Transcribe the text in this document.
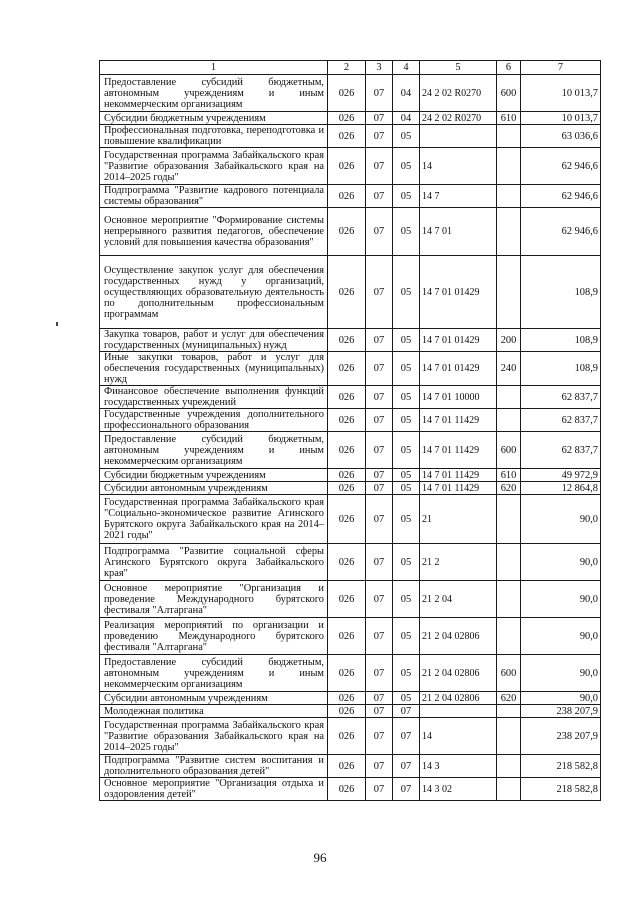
1	2	3	4	5	6	7
Предоставление субсидий бюджетным, автономным учреждениям и иным некоммерческим организациям	026	07	04	24 2 02 R0270	600	10 013,7
Субсидии бюджетным учреждениям	026	07	04	24 2 02 R0270	610	10 013,7
Профессиональная подготовка, переподготовка и повышение квалификации	026	07	05			63 036,6
Государственная программа Забайкальского края "Развитие образования Забайкальского края на 2014–2025 годы"	026	07	05	14		62 946,6
Подпрограмма "Развитие кадрового потенциала системы образования"	026	07	05	14 7		62 946,6
Основное мероприятие "Формирование системы непрерывного развития педагогов, обеспечение условий для повышения качества образования"	026	07	05	14 7 01		62 946,6
Осуществление закупок услуг для обеспечения государственных нужд у организаций, осуществляющих образовательную деятельность по дополнительным профессиональным программам	026	07	05	14 7 01 01429		108,9
Закупка товаров, работ и услуг для обеспечения государственных (муниципальных) нужд	026	07	05	14 7 01 01429	200	108,9
Иные закупки товаров, работ и услуг для обеспечения государственных (муниципальных) нужд	026	07	05	14 7 01 01429	240	108,9
Финансовое обеспечение выполнения функций государственных учреждений	026	07	05	14 7 01 10000		62 837,7
Государственные учреждения дополнительного профессионального образования	026	07	05	14 7 01 11429		62 837,7
Предоставление субсидий бюджетным, автономным учреждениям и иным некоммерческим организациям	026	07	05	14 7 01 11429	600	62 837,7
Субсидии бюджетным учреждениям	026	07	05	14 7 01 11429	610	49 972,9
Субсидии автономным учреждениям	026	07	05	14 7 01 11429	620	12 864,8
Государственная программа Забайкальского края "Социально-экономическое развитие Агинского Бурятского округа Забайкальского края на 2014–2021 годы"	026	07	05	21		90,0
Подпрограмма "Развитие социальной сферы Агинского Бурятского округа Забайкальского края"	026	07	05	21 2		90,0
Основное мероприятие "Организация и проведение Международного бурятского фестиваля "Алтаргана"	026	07	05	21 2 04		90,0
Реализация мероприятий по организации и проведению Международного бурятского фестиваля "Алтаргана"	026	07	05	21 2 04 02806		90,0
Предоставление субсидий бюджетным, автономным учреждениям и иным некоммерческим организациям	026	07	05	21 2 04 02806	600	90,0
Субсидии автономным учреждениям	026	07	05	21 2 04 02806	620	90,0
Молодежная политика	026	07	07			238 207,9
Государственная программа Забайкальского края "Развитие образования Забайкальского края на 2014–2025 годы"	026	07	07	14		238 207,9
Подпрограмма "Развитие систем воспитания и дополнительного образования детей"	026	07	07	14 3		218 582,8
Основное мероприятие "Организация отдыха и оздоровления детей"	026	07	07	14 3 02		218 582,8
96
